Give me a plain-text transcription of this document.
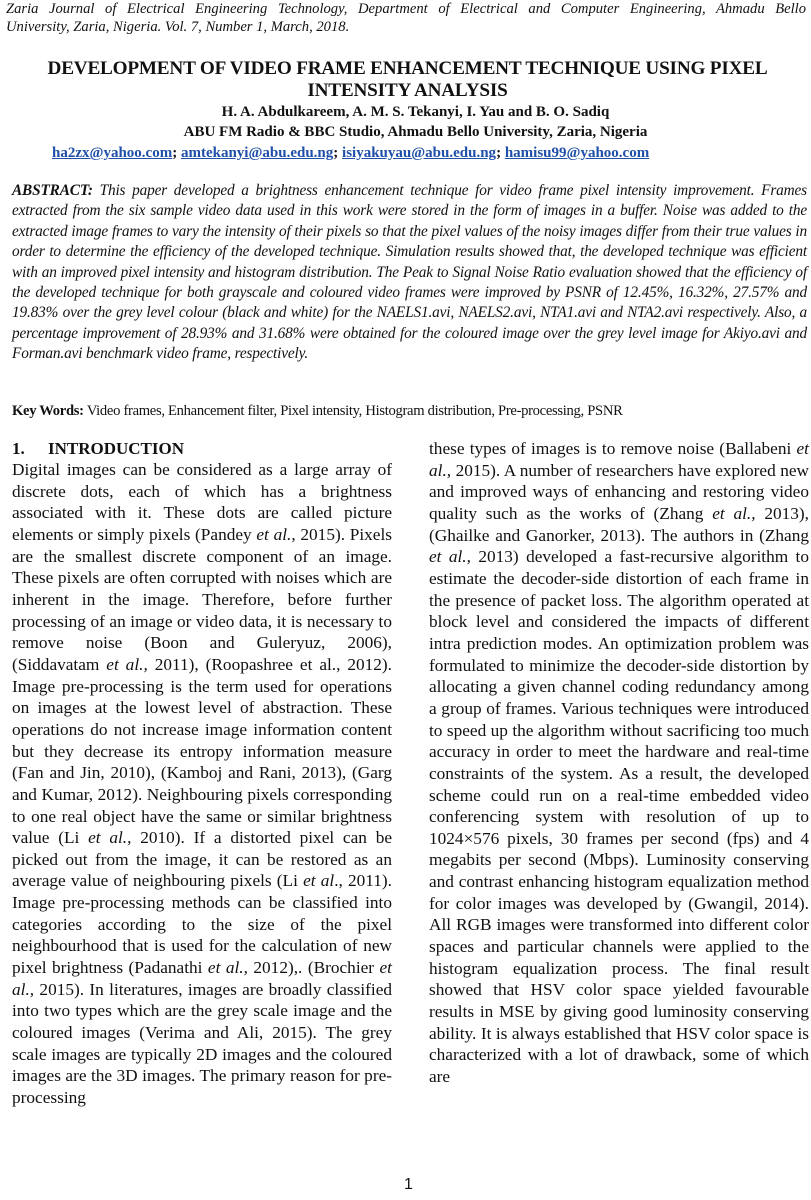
Zaria Journal of Electrical Engineering Technology, Department of Electrical and Computer Engineering, Ahmadu Bello
University, Zaria, Nigeria. Vol. 7, Number 1, March, 2018.
DEVELOPMENT OF VIDEO FRAME ENHANCEMENT TECHNIQUE USING PIXEL INTENSITY ANALYSIS
H. A. Abdulkareem, A. M. S. Tekanyi, I. Yau and B. O. Sadiq
ABU FM Radio & BBC Studio, Ahmadu Bello University, Zaria, Nigeria
ha2zx@yahoo.com; amtekanyi@abu.edu.ng; isiyakuyau@abu.edu.ng; hamisu99@yahoo.com
ABSTRACT: This paper developed a brightness enhancement technique for video frame pixel intensity improvement. Frames extracted from the six sample video data used in this work were stored in the form of images in a buffer. Noise was added to the extracted image frames to vary the intensity of their pixels so that the pixel values of the noisy images differ from their true values in order to determine the efficiency of the developed technique. Simulation results showed that, the developed technique was efficient with an improved pixel intensity and histogram distribution. The Peak to Signal Noise Ratio evaluation showed that the efficiency of the developed technique for both grayscale and coloured video frames were improved by PSNR of 12.45%, 16.32%, 27.57% and 19.83% over the grey level colour (black and white) for the NAELS1.avi, NAELS2.avi, NTA1.avi and NTA2.avi respectively. Also, a percentage improvement of 28.93% and 31.68% were obtained for the coloured image over the grey level image for Akiyo.avi and Forman.avi benchmark video frame, respectively.
Key Words: Video frames, Enhancement filter, Pixel intensity, Histogram distribution, Pre-processing, PSNR
1. INTRODUCTION

Digital images can be considered as a large array of discrete dots, each of which has a brightness associated with it. These dots are called picture elements or simply pixels (Pandey et al., 2015). Pixels are the smallest discrete component of an image. These pixels are often corrupted with noises which are inherent in the image. Therefore, before further processing of an image or video data, it is necessary to remove noise (Boon and Guleryuz, 2006), (Siddavatam et al., 2011), (Roopashree et al., 2012). Image pre-processing is the term used for operations on images at the lowest level of abstraction. These operations do not increase image information content but they decrease its entropy information measure (Fan and Jin, 2010), (Kamboj and Rani, 2013), (Garg and Kumar, 2012). Neighbouring pixels corresponding to one real object have the same or similar brightness value (Li et al., 2010). If a distorted pixel can be picked out from the image, it can be restored as an average value of neighbouring pixels (Li et al., 2011). Image pre-processing methods can be classified into categories according to the size of the pixel neighbourhood that is used for the calculation of new pixel brightness (Padanathi et al., 2012),. (Brochier et al., 2015). In literatures, images are broadly classified into two types which are the grey scale image and the coloured images (Verima and Ali, 2015). The grey scale images are typically 2D images and the coloured images are the 3D images. The primary reason for pre-processing

these types of images is to remove noise (Ballabeni et al., 2015). A number of researchers have explored new and improved ways of enhancing and restoring video quality such as the works of (Zhang et al., 2013), (Ghailke and Ganorker, 2013). The authors in (Zhang et al., 2013) developed a fast-recursive algorithm to estimate the decoder-side distortion of each frame in the presence of packet loss. The algorithm operated at block level and considered the impacts of different intra prediction modes. An optimization problem was formulated to minimize the decoder-side distortion by allocating a given channel coding redundancy among a group of frames. Various techniques were introduced to speed up the algorithm without sacrificing too much accuracy in order to meet the hardware and real-time constraints of the system. As a result, the developed scheme could run on a real-time embedded video conferencing system with resolution of up to 1024×576 pixels, 30 frames per second (fps) and 4 megabits per second (Mbps). Luminosity conserving and contrast enhancing histogram equalization method for color images was developed by (Gwangil, 2014). All RGB images were transformed into different color spaces and particular channels were applied to the histogram equalization process. The final result showed that HSV color space yielded favourable results in MSE by giving good luminosity conserving ability. It is always established that HSV color space is characterized with a lot of drawback, some of which are

1
